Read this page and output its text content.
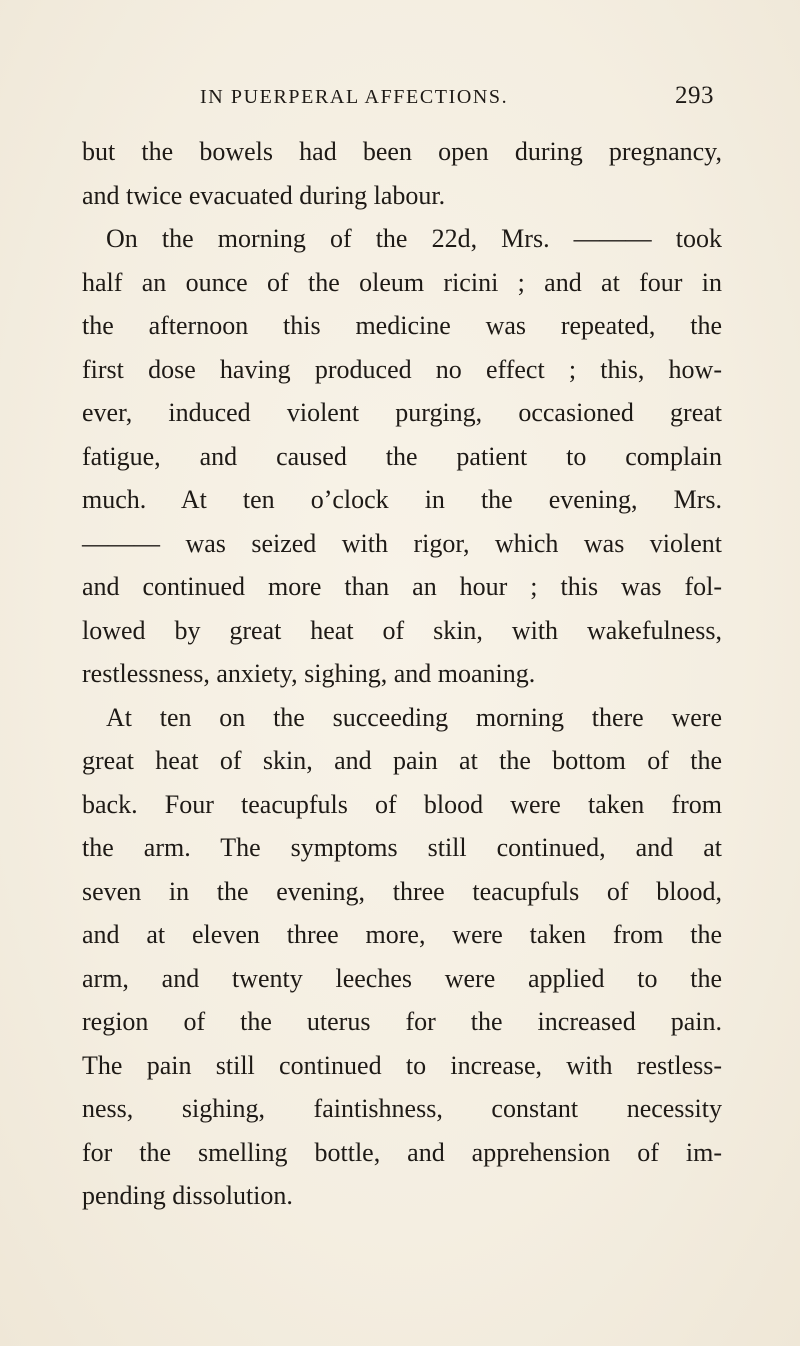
IN PUERPERAL AFFECTIONS.	293
but the bowels had been open during pregnancy,
and twice evacuated during labour.
On the morning of the 22d, Mrs. ——— took
half an ounce of the oleum ricini ; and at four in
the afternoon this medicine was repeated, the
first dose having produced no effect ; this, how-
ever, induced violent purging, occasioned great
fatigue, and caused the patient to complain
much. At ten o’clock in the evening, Mrs.
——— was seized with rigor, which was violent
and continued more than an hour ; this was fol-
lowed by great heat of skin, with wakefulness,
restlessness, anxiety, sighing, and moaning.
At ten on the succeeding morning there were
great heat of skin, and pain at the bottom of the
back. Four teacupfuls of blood were taken from
the arm. The symptoms still continued, and at
seven in the evening, three teacupfuls of blood,
and at eleven three more, were taken from the
arm, and twenty leeches were applied to the
region of the uterus for the increased pain.
The pain still continued to increase, with restless-
ness, sighing, faintishness, constant necessity
for the smelling bottle, and apprehension of im-
pending dissolution.
